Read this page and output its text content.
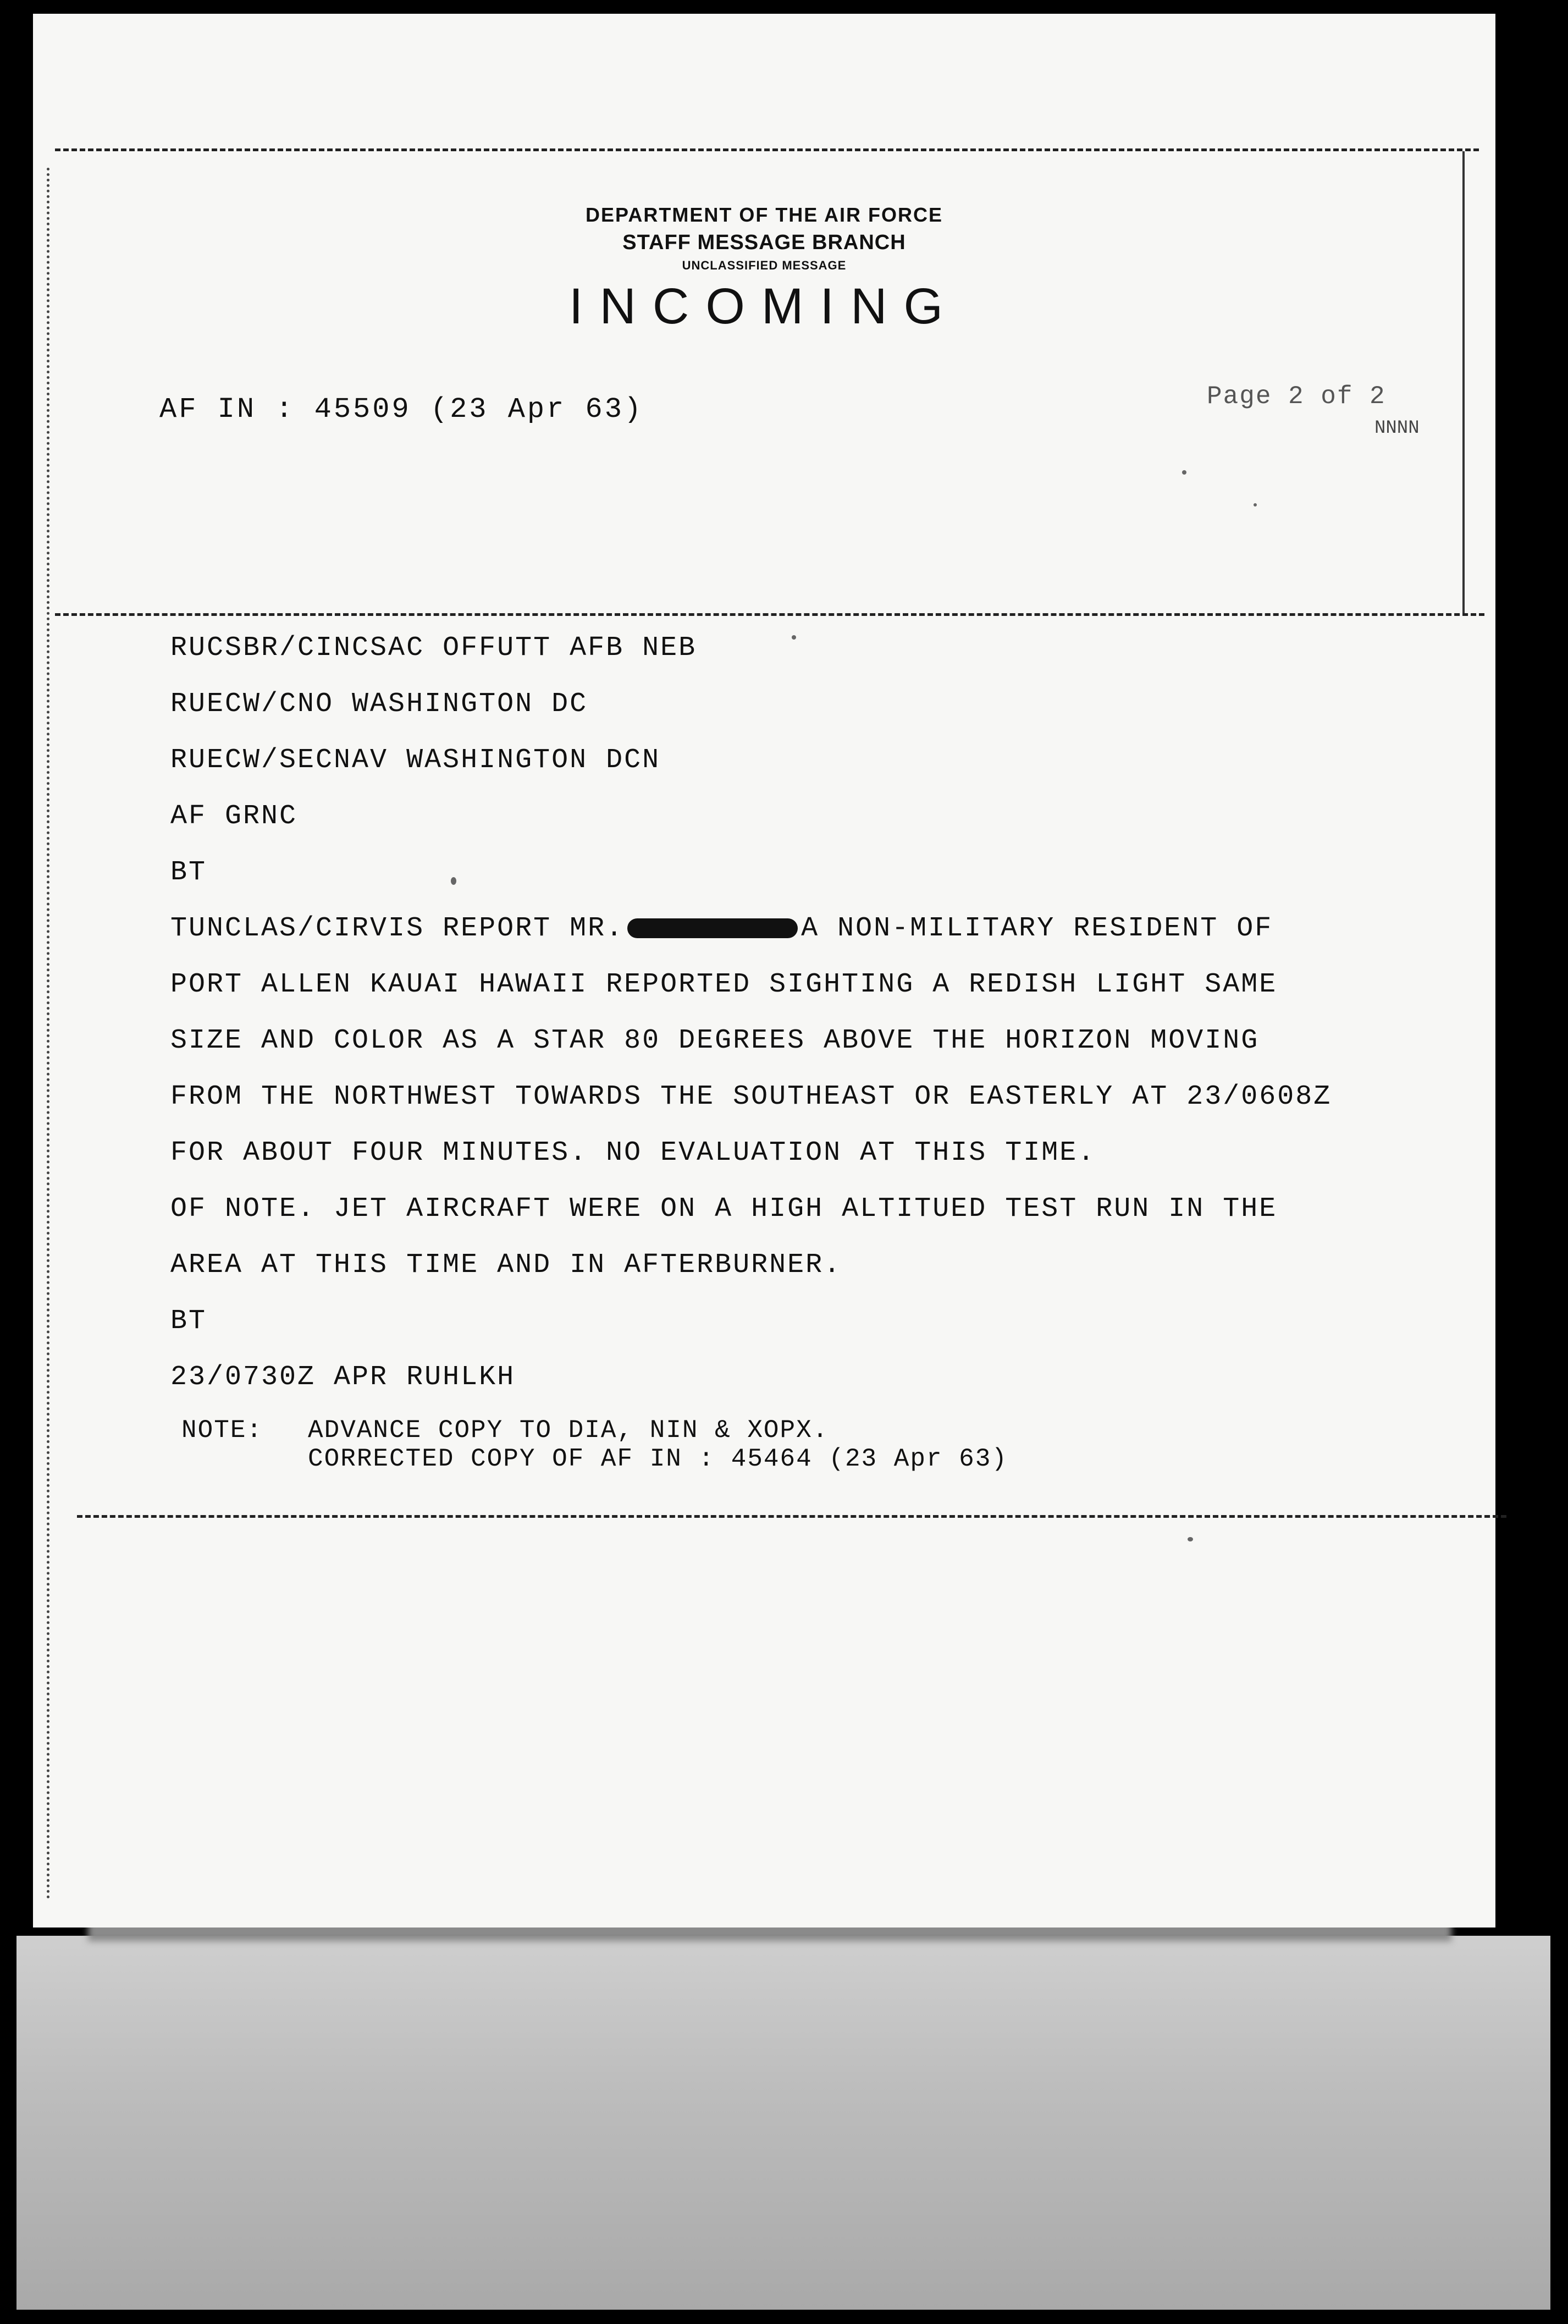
DEPARTMENT OF THE AIR FORCE
STAFF MESSAGE BRANCH
UNCLASSIFIED MESSAGE
INCOMING
AF IN : 45509 (23 Apr 63)	Page 2 of 2
NNNN
RUCSBR/CINCSAC OFFUTT AFB NEB
RUECW/CNO WASHINGTON DC
RUECW/SECNAV WASHINGTON DCN
AF GRNC
BT
TUNCLAS/CIRVIS REPORT MR.	A NON-MILITARY RESIDENT OF
PORT ALLEN KAUAI HAWAII REPORTED SIGHTING A REDISH LIGHT SAME
SIZE AND COLOR AS A STAR 80 DEGREES ABOVE THE HORIZON MOVING
FROM THE NORTHWEST TOWARDS THE SOUTHEAST OR EASTERLY AT 23/0608Z
FOR ABOUT FOUR MINUTES. NO EVALUATION AT THIS TIME.
OF NOTE. JET AIRCRAFT WERE ON A HIGH ALTITUED TEST RUN IN THE
AREA AT THIS TIME AND IN AFTERBURNER.
BT
23/0730Z APR RUHLKH
NOTE: ADVANCE COPY TO DIA, NIN & XOPX.
CORRECTED COPY OF AF IN : 45464 (23 Apr 63)
